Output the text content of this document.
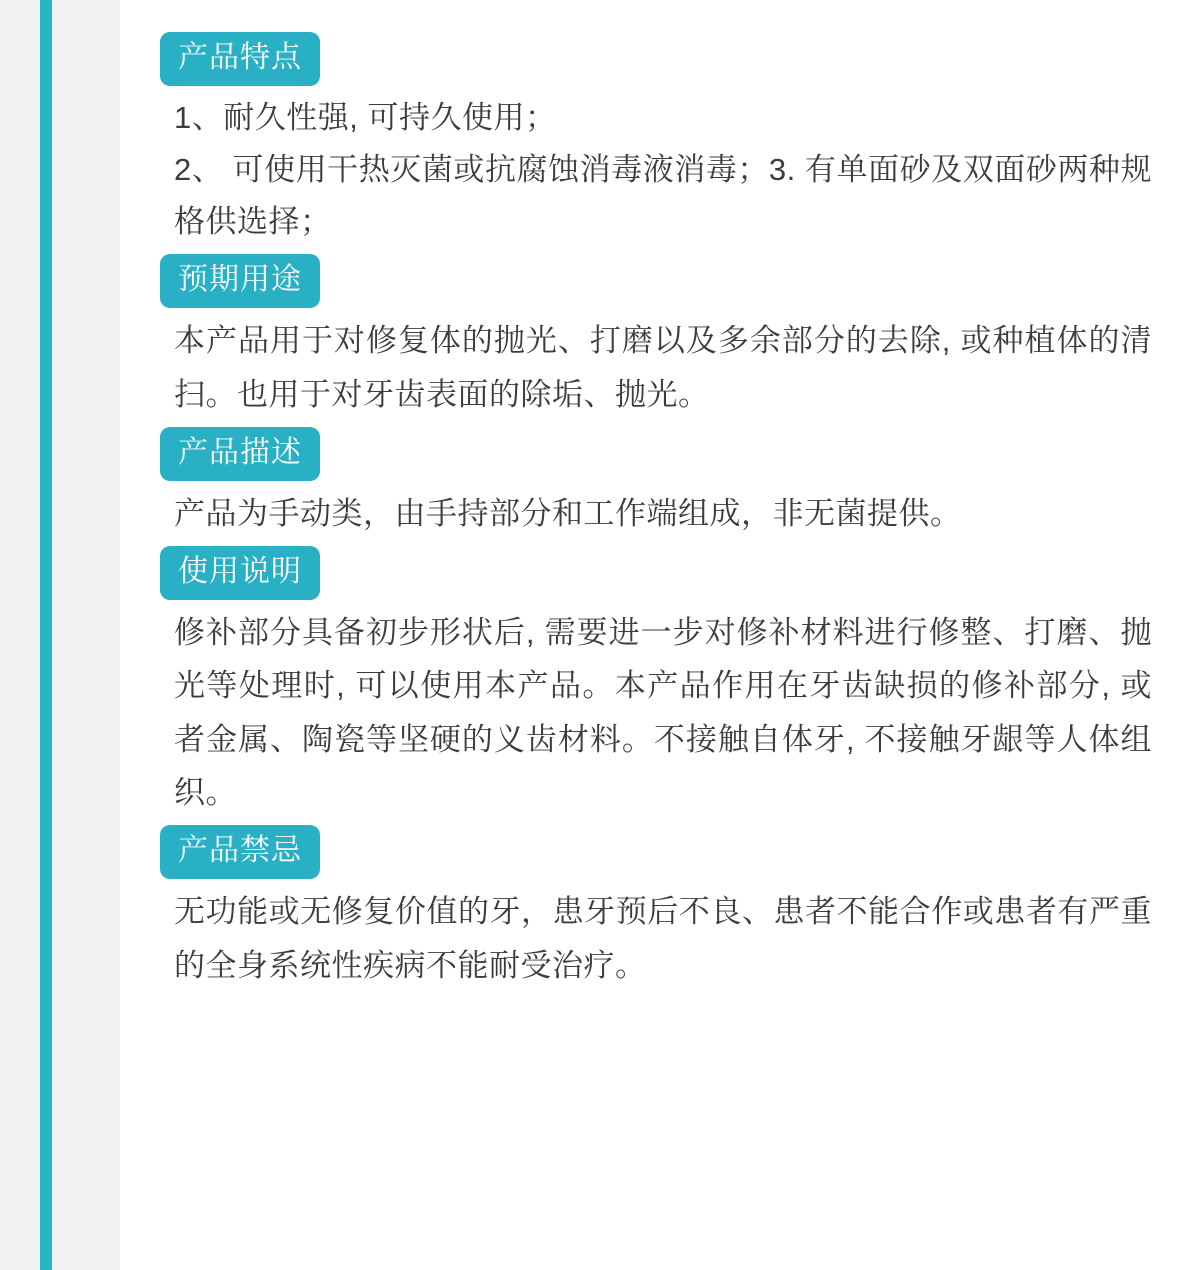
产品特点

1、耐久性强, 可持久使用；

2、 可使用干热灭菌或抗腐蚀消毒液消毒；3. 有单面砂及双面砂两种规格供选择；

预期用途

本产品用于对修复体的抛光、打磨以及多余部分的去除, 或种植体的清扫。也用于对牙齿表面的除垢、抛光。

产品描述

产品为手动类，由手持部分和工作端组成，非无菌提供。

使用说明

修补部分具备初步形状后, 需要进一步对修补材料进行修整、打磨、抛光等处理时, 可以使用本产品。本产品作用在牙齿缺损的修补部分, 或者金属、陶瓷等坚硬的义齿材料。不接触自体牙, 不接触牙龈等人体组织。

产品禁忌

无功能或无修复价值的牙，患牙预后不良、患者不能合作或患者有严重的全身系统性疾病不能耐受治疗。
